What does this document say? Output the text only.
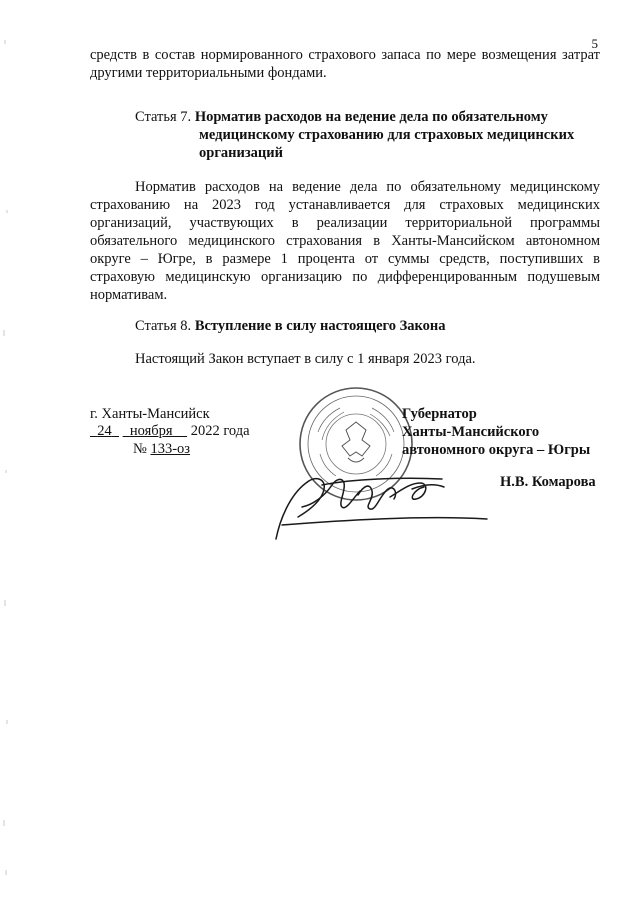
5
средств в состав нормированного страхового запаса по мере возмещения затрат другими территориальными фондами.
Статья 7. Норматив расходов на ведение дела по обязательному
медицинскому страхованию для страховых медицинских
организаций
Норматив расходов на ведение дела по обязательному медицинскому страхованию на 2023 год устанавливается для страховых медицинских организаций, участвующих в реализации территориальной программы обязательного медицинского страхования в Ханты-Мансийском автономном округе – Югре, в размере 1 процента от суммы средств, поступивших в страховую медицинскую организацию по дифференцированным подушевым нормативам.
Статья 8. Вступление в силу настоящего Закона
Настоящий Закон вступает в силу с 1 января 2023 года.
г. Ханты-Мансийск
24 ноября 2022 года
№ 133-оз
Губернатор
Ханты-Мансийского
автономного округа – Югры
Н.В. Комарова
